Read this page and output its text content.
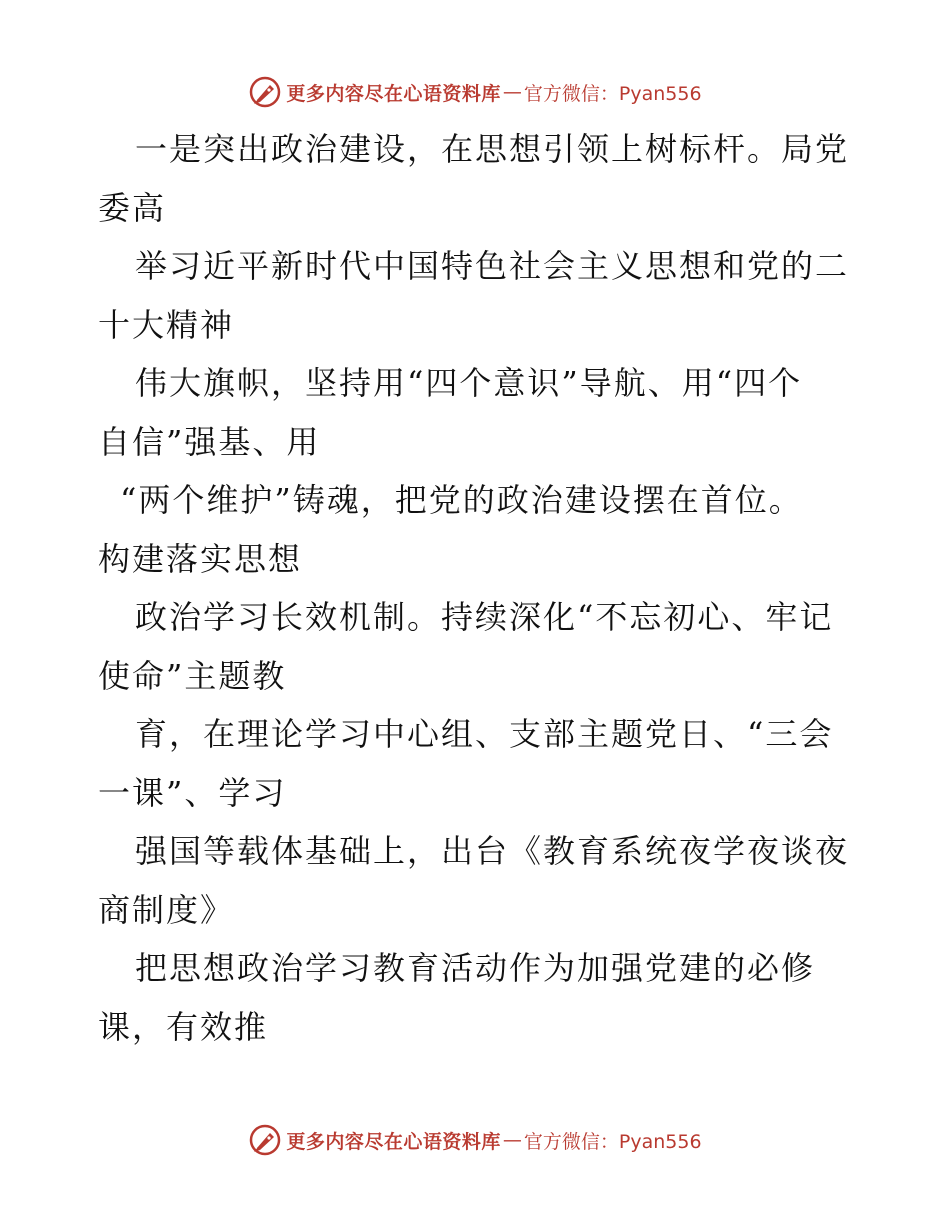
更多内容尽在心语资料库 — 官方微信：Pyan556
一是突出政治建设，在思想引领上树标杆。局党
委高
举习近平新时代中国特色社会主义思想和党的二
十大精神
伟大旗帜，坚持用“四个意识”导航、用“四个
自信”强基、用
“两个维护”铸魂，把党的政治建设摆在首位。
构建落实思想
政治学习长效机制。持续深化“不忘初心、牢记
使命”主题教
育，在理论学习中心组、支部主题党日、“三会
一课”、学习
强国等载体基础上，出台《教育系统夜学夜谈夜
商制度》
把思想政治学习教育活动作为加强党建的必修
课，有效推
更多内容尽在心语资料库 — 官方微信：Pyan556
